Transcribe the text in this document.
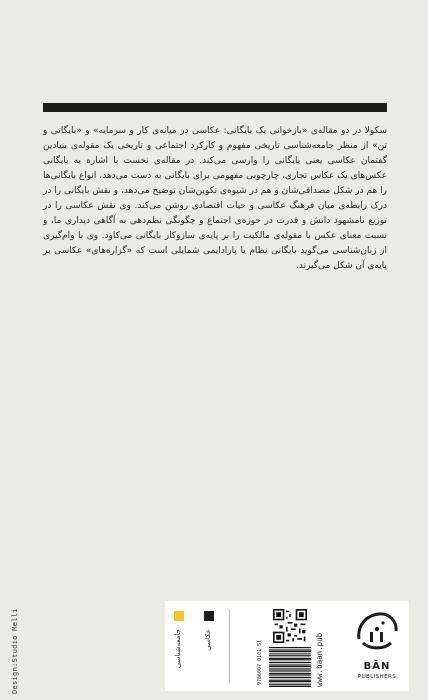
سکولا در دو مقاله‌ی «بازخوانی یک بایگانی: عکاسی در میانه‌ی کار و سرمایه» و «بایگانی و تن» از منظر جامعه‌شناسی تاریخی مفهوم و کارکرد اجتماعی و تاریخی یک مقوله‌ی بنیادین گفتمان عکاسی یعنی بایگانی را وارسی می‌کند. در مقاله‌ی نخست با اشاره به بایگانی عکس‌های یک عکاس تجاری، چارچوبی مفهومی برای بایگانی به دست می‌دهد، انواع بایگانی‌ها را هم در شکل مصداقی‌شان و هم در شیوه‌ی تکوین‌شان توضیح می‌دهد، و نقش بایگانی را در درک رابطه‌ی میان فرهنگ عکاسی و حیات اقتصادی روشن می‌کند. وی نقش عکاسی را در توزیع نامشهود دانش و قدرت در حوزه‌ی اجتماع و چگونگی نظم‌دهی به آگاهی دیداری ما، و نسبت معنای عکس با مقوله‌ی مالکیت را بر پایه‌ی سازوکار بایگانی می‌کاود. وی با وام‌گیری از زبان‌شناسی می‌گوید بایگانی نظام یا پارادایمی شمایلی است که «گزاره‌های» عکاسی بر پایه‌ی آن شکل می‌گیرند.

Design:Studio Melli	جامعه‌شناسی	عکاسی	9786007 0101 51	www.baan.pub	BĀN
PUBLISHERS
